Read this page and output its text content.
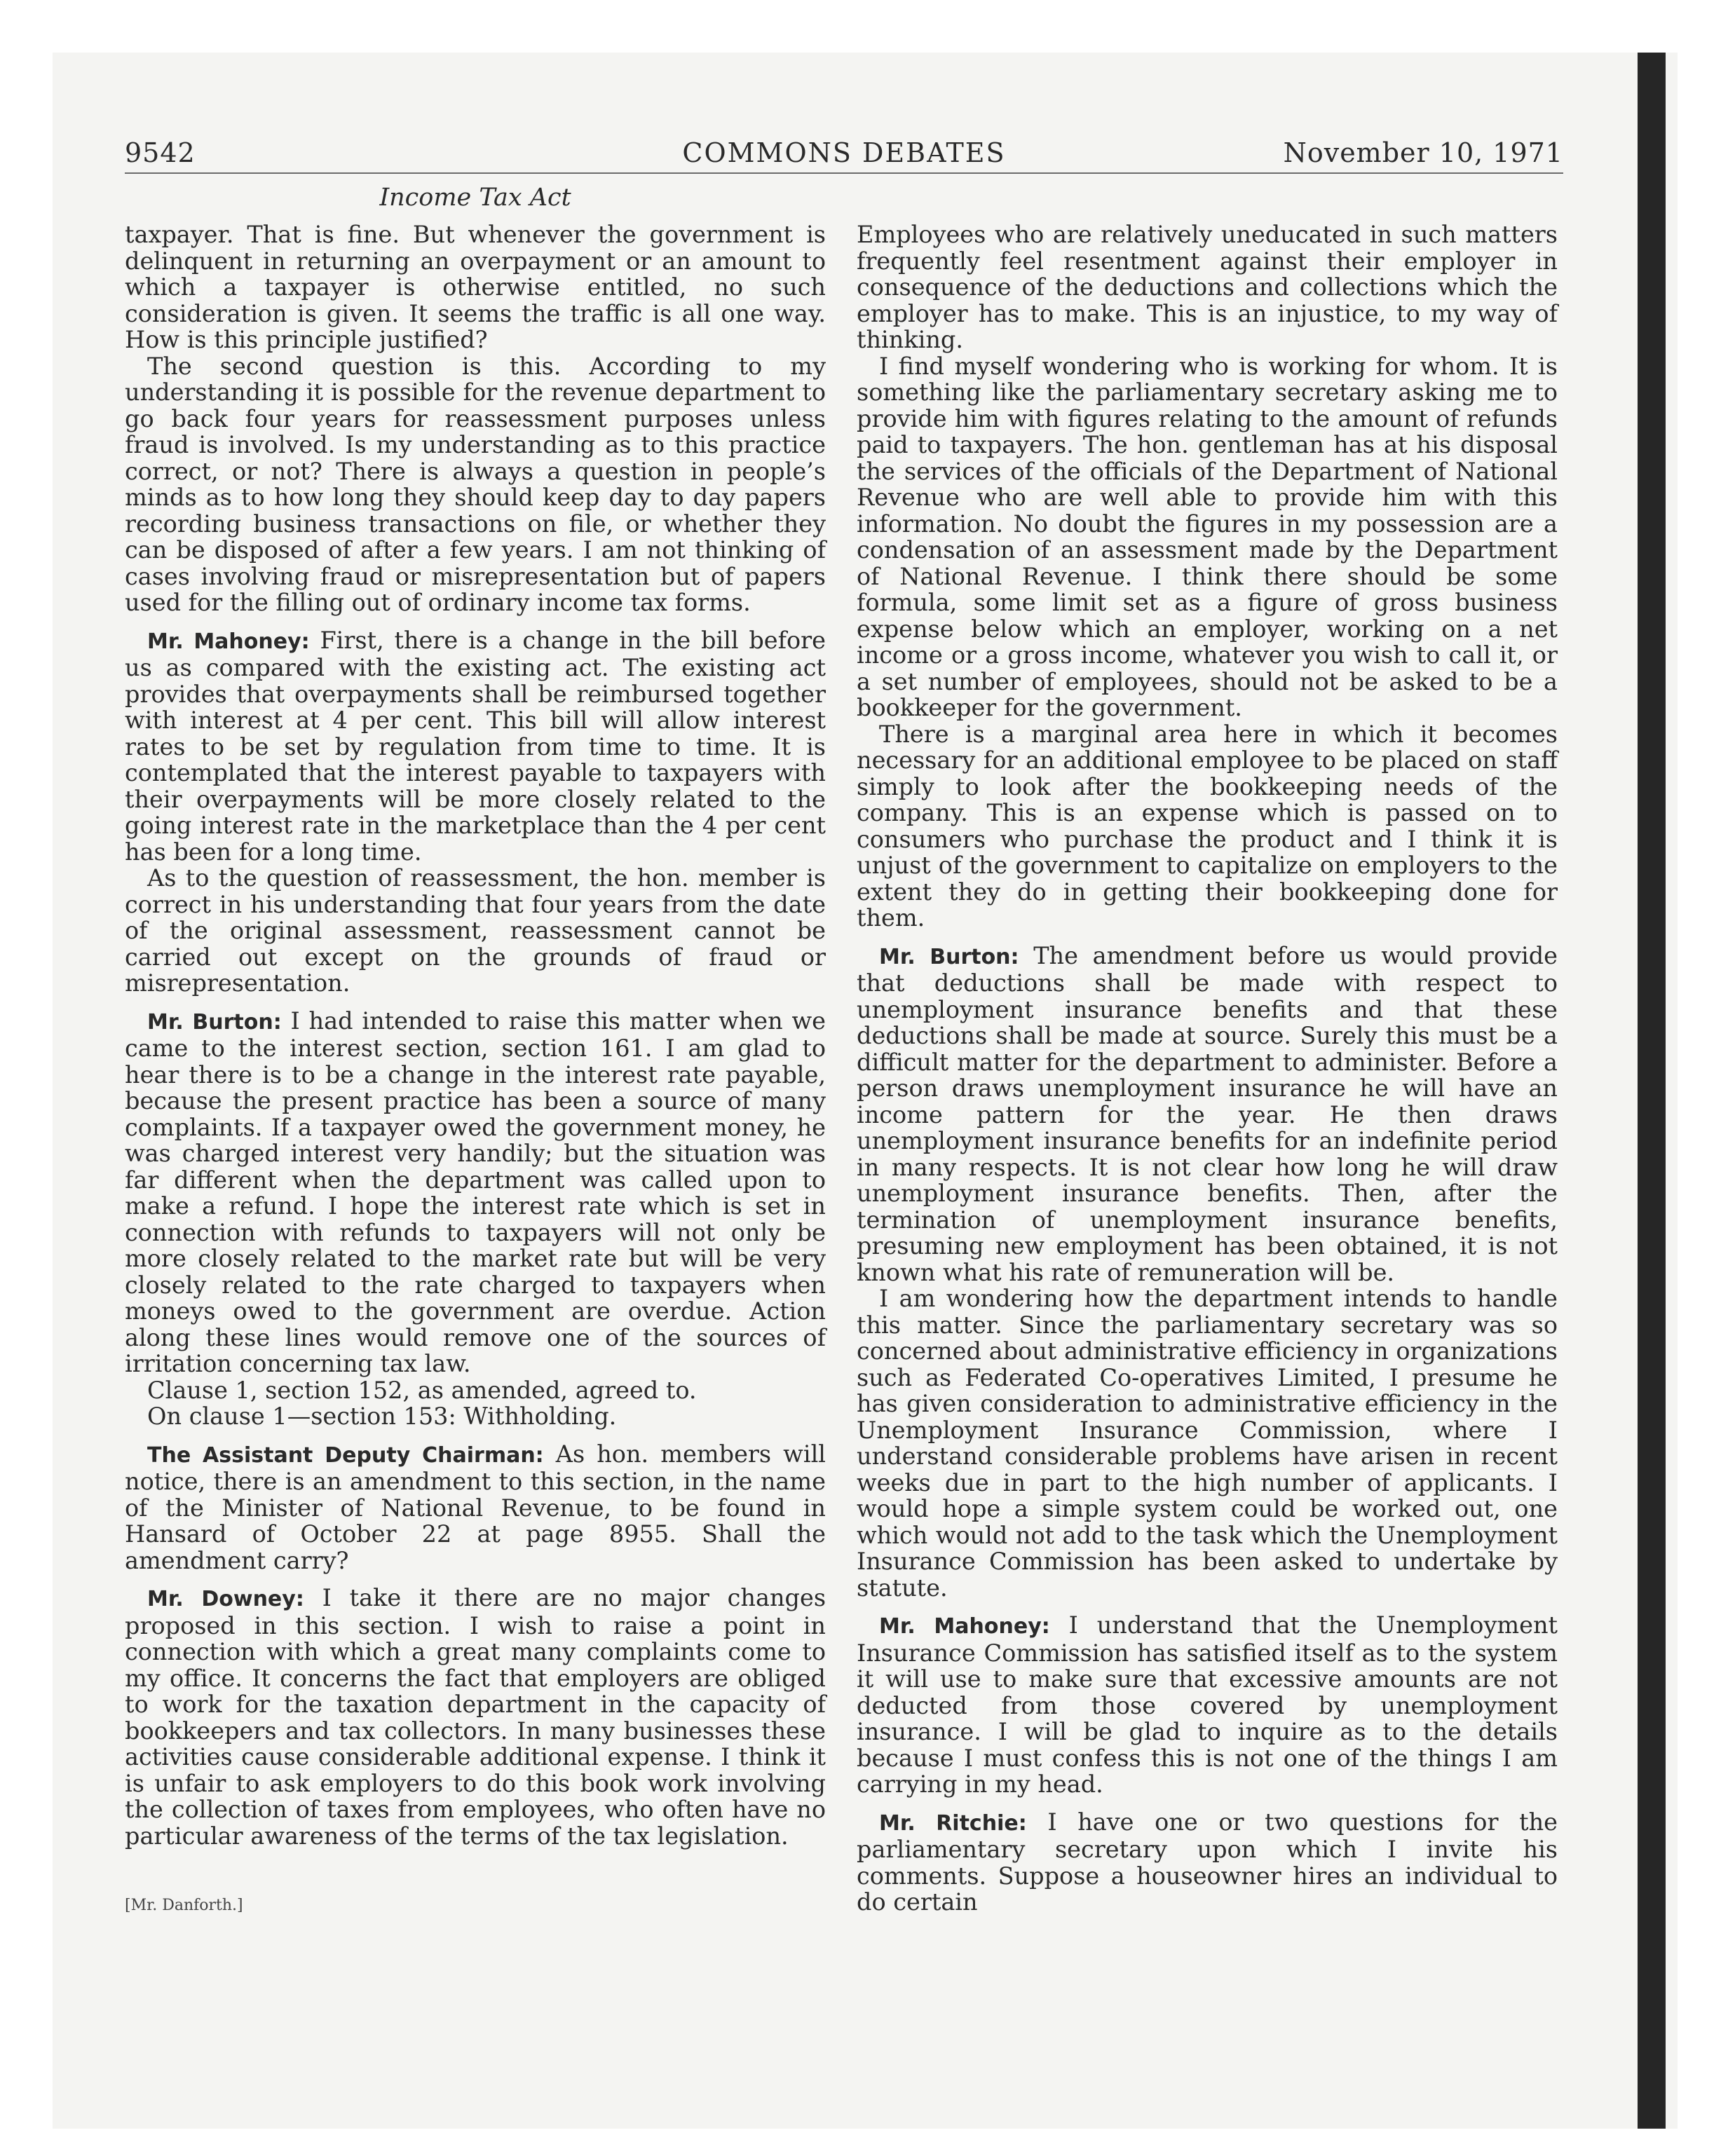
COMMONS DEBATES
9542	November 10, 1971
Income Tax Act

taxpayer. That is fine. But whenever the government is delinquent in returning an overpayment or an amount to which a taxpayer is otherwise entitled, no such consideration is given. It seems the traffic is all one way. How is this principle justified?

The second question is this. According to my understanding it is possible for the revenue department to go back four years for reassessment purposes unless fraud is involved. Is my understanding as to this practice correct, or not? There is always a question in people’s minds as to how long they should keep day to day papers recording business transactions on file, or whether they can be disposed of after a few years. I am not thinking of cases involving fraud or misrepresentation but of papers used for the filling out of ordinary income tax forms.

Mr. Mahoney: First, there is a change in the bill before us as compared with the existing act. The existing act provides that overpayments shall be reimbursed together with interest at 4 per cent. This bill will allow interest rates to be set by regulation from time to time. It is contemplated that the interest payable to taxpayers with their overpayments will be more closely related to the going interest rate in the marketplace than the 4 per cent has been for a long time.

As to the question of reassessment, the hon. member is correct in his understanding that four years from the date of the original assessment, reassessment cannot be carried out except on the grounds of fraud or misrepresentation.

Mr. Burton: I had intended to raise this matter when we came to the interest section, section 161. I am glad to hear there is to be a change in the interest rate payable, because the present practice has been a source of many complaints. If a taxpayer owed the government money, he was charged interest very handily; but the situation was far different when the department was called upon to make a refund. I hope the interest rate which is set in connection with refunds to taxpayers will not only be more closely related to the market rate but will be very closely related to the rate charged to taxpayers when moneys owed to the government are overdue. Action along these lines would remove one of the sources of irritation concerning tax law.

Clause 1, section 152, as amended, agreed to.

On clause 1—section 153: Withholding.

The Assistant Deputy Chairman: As hon. members will notice, there is an amendment to this section, in the name of the Minister of National Revenue, to be found in Hansard of October 22 at page 8955. Shall the amendment carry?

Mr. Downey: I take it there are no major changes proposed in this section. I wish to raise a point in connection with which a great many complaints come to my office. It concerns the fact that employers are obliged to work for the taxation department in the capacity of bookkeepers and tax collectors. In many businesses these activities cause considerable additional expense. I think it is unfair to ask employers to do this book work involving the collection of taxes from employees, who often have no particular awareness of the terms of the tax legislation.

Employees who are relatively uneducated in such matters frequently feel resentment against their employer in consequence of the deductions and collections which the employer has to make. This is an injustice, to my way of thinking.

I find myself wondering who is working for whom. It is something like the parliamentary secretary asking me to provide him with figures relating to the amount of refunds paid to taxpayers. The hon. gentleman has at his disposal the services of the officials of the Department of National Revenue who are well able to provide him with this information. No doubt the figures in my possession are a condensation of an assessment made by the Department of National Revenue. I think there should be some formula, some limit set as a figure of gross business expense below which an employer, working on a net income or a gross income, whatever you wish to call it, or a set number of employees, should not be asked to be a bookkeeper for the government.

There is a marginal area here in which it becomes necessary for an additional employee to be placed on staff simply to look after the bookkeeping needs of the company. This is an expense which is passed on to consumers who purchase the product and I think it is unjust of the government to capitalize on employers to the extent they do in getting their bookkeeping done for them.

Mr. Burton: The amendment before us would provide that deductions shall be made with respect to unemployment insurance benefits and that these deductions shall be made at source. Surely this must be a difficult matter for the department to administer. Before a person draws unemployment insurance he will have an income pattern for the year. He then draws unemployment insurance benefits for an indefinite period in many respects. It is not clear how long he will draw unemployment insurance benefits. Then, after the termination of unemployment insurance benefits, presuming new employment has been obtained, it is not known what his rate of remuneration will be.

I am wondering how the department intends to handle this matter. Since the parliamentary secretary was so concerned about administrative efficiency in organizations such as Federated Co-operatives Limited, I presume he has given consideration to administrative efficiency in the Unemployment Insurance Commission, where I understand considerable problems have arisen in recent weeks due in part to the high number of applicants. I would hope a simple system could be worked out, one which would not add to the task which the Unemployment Insurance Commission has been asked to undertake by statute.

Mr. Mahoney: I understand that the Unemployment Insurance Commission has satisfied itself as to the system it will use to make sure that excessive amounts are not deducted from those covered by unemployment insurance. I will be glad to inquire as to the details because I must confess this is not one of the things I am carrying in my head.

Mr. Ritchie: I have one or two questions for the parliamentary secretary upon which I invite his comments. Suppose a houseowner hires an individual to do certain

[Mr. Danforth.]
